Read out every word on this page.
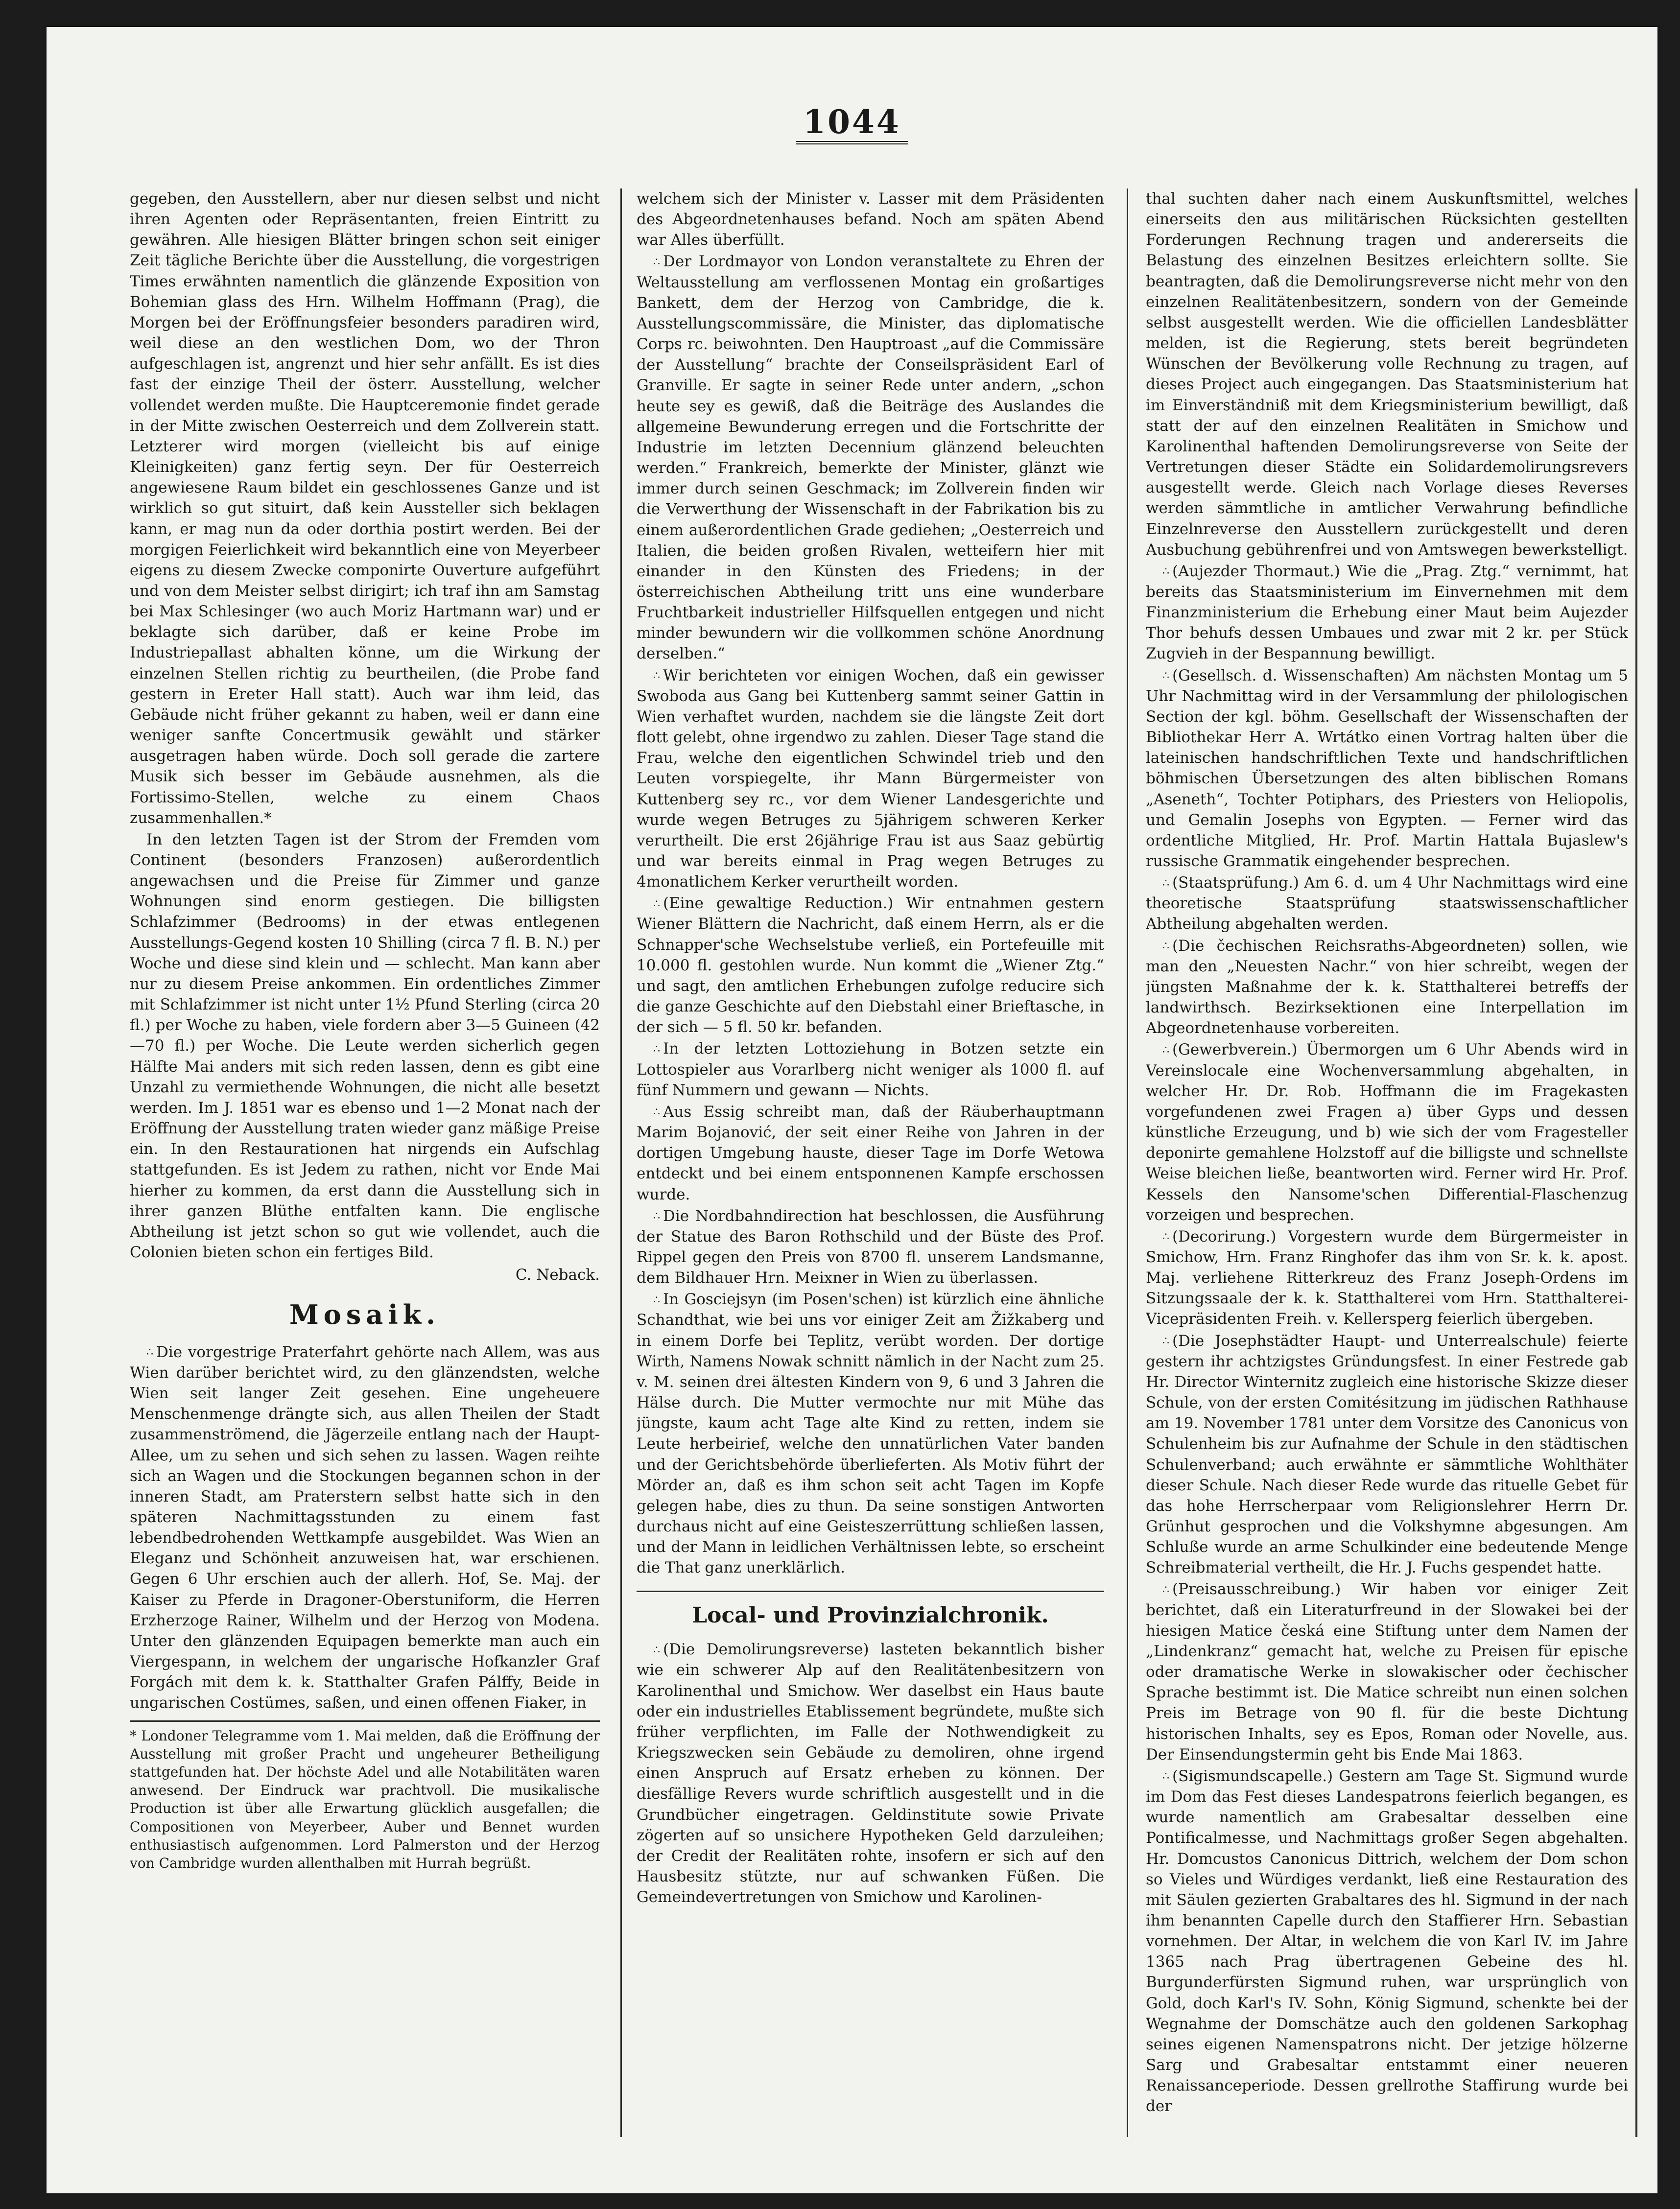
1044

gegeben, den Ausstellern, aber nur diesen selbst und nicht ihren Agenten oder Repräsentanten, freien Eintritt zu gewähren. Alle hiesigen Blätter bringen schon seit einiger Zeit tägliche Berichte über die Ausstellung, die vorgestrigen Times erwähnten namentlich die glänzende Exposition von Bohemian glass des Hrn. Wilhelm Hoffmann (Prag), die Morgen bei der Eröffnungsfeier besonders paradiren wird, weil diese an den westlichen Dom, wo der Thron aufgeschlagen ist, angrenzt und hier sehr anfällt. Es ist dies fast der einzige Theil der österr. Ausstellung, welcher vollendet werden mußte. Die Hauptceremonie findet gerade in der Mitte zwischen Oesterreich und dem Zollverein statt. Letzterer wird morgen (vielleicht bis auf einige Kleinigkeiten) ganz fertig seyn. Der für Oesterreich angewiesene Raum bildet ein geschlossenes Ganze und ist wirklich so gut situirt, daß kein Aussteller sich beklagen kann, er mag nun da oder dorthia postirt werden. Bei der morgigen Feierlichkeit wird bekanntlich eine von Meyerbeer eigens zu diesem Zwecke componirte Ouverture aufgeführt und von dem Meister selbst dirigirt; ich traf ihn am Samstag bei Max Schlesinger (wo auch Moriz Hartmann war) und er beklagte sich darüber, daß er keine Probe im Industriepallast abhalten könne, um die Wirkung der einzelnen Stellen richtig zu beurtheilen, (die Probe fand gestern in Ereter Hall statt). Auch war ihm leid, das Gebäude nicht früher gekannt zu haben, weil er dann eine weniger sanfte Concertmusik gewählt und stärker ausgetragen haben würde. Doch soll gerade die zartere Musik sich besser im Gebäude ausnehmen, als die Fortissimo-Stellen, welche zu einem Chaos zusammenhallen.*

In den letzten Tagen ist der Strom der Fremden vom Continent (besonders Franzosen) außerordentlich angewachsen und die Preise für Zimmer und ganze Wohnungen sind enorm gestiegen. Die billigsten Schlafzimmer (Bedrooms) in der etwas entlegenen Ausstellungs-Gegend kosten 10 Shilling (circa 7 fl. B. N.) per Woche und diese sind klein und — schlecht. Man kann aber nur zu diesem Preise ankommen. Ein ordentliches Zimmer mit Schlafzimmer ist nicht unter 1½ Pfund Sterling (circa 20 fl.) per Woche zu haben, viele fordern aber 3—5 Guineen (42—70 fl.) per Woche. Die Leute werden sicherlich gegen Hälfte Mai anders mit sich reden lassen, denn es gibt eine Unzahl zu vermiethende Wohnungen, die nicht alle besetzt werden. Im J. 1851 war es ebenso und 1—2 Monat nach der Eröffnung der Ausstellung traten wieder ganz mäßige Preise ein. In den Restaurationen hat nirgends ein Aufschlag stattgefunden. Es ist Jedem zu rathen, nicht vor Ende Mai hierher zu kommen, da erst dann die Ausstellung sich in ihrer ganzen Blüthe entfalten kann. Die englische Abtheilung ist jetzt schon so gut wie vollendet, auch die Colonien bieten schon ein fertiges Bild.

C. Neback.
Mosaik.

∴ Die vorgestrige Praterfahrt gehörte nach Allem, was aus Wien darüber berichtet wird, zu den glänzendsten, welche Wien seit langer Zeit gesehen. Eine ungeheuere Menschenmenge drängte sich, aus allen Theilen der Stadt zusammenströmend, die Jägerzeile entlang nach der Haupt-Allee, um zu sehen und sich sehen zu lassen. Wagen reihte sich an Wagen und die Stockungen begannen schon in der inneren Stadt, am Praterstern selbst hatte sich in den späteren Nachmittagsstunden zu einem fast lebendbedrohenden Wettkampfe ausgebildet. Was Wien an Eleganz und Schönheit anzuweisen hat, war erschienen. Gegen 6 Uhr erschien auch der allerh. Hof, Se. Maj. der Kaiser zu Pferde in Dragoner-Oberstuniform, die Herren Erzherzoge Rainer, Wilhelm und der Herzog von Modena. Unter den glänzenden Equipagen bemerkte man auch ein Viergespann, in welchem der ungarische Hofkanzler Graf Forgách mit dem k. k. Statthalter Grafen Pálffy, Beide in ungarischen Costümes, saßen, und einen offenen Fiaker, in

* Londoner Telegramme vom 1. Mai melden, daß die Eröffnung der Ausstellung mit großer Pracht und ungeheurer Betheiligung stattgefunden hat. Der höchste Adel und alle Notabilitäten waren anwesend. Der Eindruck war prachtvoll. Die musikalische Production ist über alle Erwartung glücklich ausgefallen; die Compositionen von Meyerbeer, Auber und Bennet wurden enthusiastisch aufgenommen. Lord Palmerston und der Herzog von Cambridge wurden allenthalben mit Hurrah begrüßt.

welchem sich der Minister v. Lasser mit dem Präsidenten des Abgeordnetenhauses befand. Noch am späten Abend war Alles überfüllt.

∴ Der Lordmayor von London veranstaltete zu Ehren der Weltausstellung am verflossenen Montag ein großartiges Bankett, dem der Herzog von Cambridge, die k. Ausstellungscommissäre, die Minister, das diplomatische Corps rc. beiwohnten. Den Hauptroast „auf die Commissäre der Ausstellung“ brachte der Conseilspräsident Earl of Granville. Er sagte in seiner Rede unter andern, „schon heute sey es gewiß, daß die Beiträge des Auslandes die allgemeine Bewunderung erregen und die Fortschritte der Industrie im letzten Decennium glänzend beleuchten werden.“ Frankreich, bemerkte der Minister, glänzt wie immer durch seinen Geschmack; im Zollverein finden wir die Verwerthung der Wissenschaft in der Fabrikation bis zu einem außerordentlichen Grade gediehen; „Oesterreich und Italien, die beiden großen Rivalen, wetteifern hier mit einander in den Künsten des Friedens; in der österreichischen Abtheilung tritt uns eine wunderbare Fruchtbarkeit industrieller Hilfsquellen entgegen und nicht minder bewundern wir die vollkommen schöne Anordnung derselben.“

∴ Wir berichteten vor einigen Wochen, daß ein gewisser Swoboda aus Gang bei Kuttenberg sammt seiner Gattin in Wien verhaftet wurden, nachdem sie die längste Zeit dort flott gelebt, ohne irgendwo zu zahlen. Dieser Tage stand die Frau, welche den eigentlichen Schwindel trieb und den Leuten vorspiegelte, ihr Mann Bürgermeister von Kuttenberg sey rc., vor dem Wiener Landesgerichte und wurde wegen Betruges zu 5jährigem schweren Kerker verurtheilt. Die erst 26jährige Frau ist aus Saaz gebürtig und war bereits einmal in Prag wegen Betruges zu 4monatlichem Kerker verurtheilt worden.

∴ (Eine gewaltige Reduction.) Wir entnahmen gestern Wiener Blättern die Nachricht, daß einem Herrn, als er die Schnapper'sche Wechselstube verließ, ein Portefeuille mit 10.000 fl. gestohlen wurde. Nun kommt die „Wiener Ztg.“ und sagt, den amtlichen Erhebungen zufolge reducire sich die ganze Geschichte auf den Diebstahl einer Brieftasche, in der sich — 5 fl. 50 kr. befanden.

∴ In der letzten Lottoziehung in Botzen setzte ein Lottospieler aus Vorarlberg nicht weniger als 1000 fl. auf fünf Nummern und gewann — Nichts.

∴ Aus Essig schreibt man, daß der Räuberhauptmann Marim Bojanović, der seit einer Reihe von Jahren in der dortigen Umgebung hauste, dieser Tage im Dorfe Wetowa entdeckt und bei einem entsponnenen Kampfe erschossen wurde.

∴ Die Nordbahndirection hat beschlossen, die Ausführung der Statue des Baron Rothschild und der Büste des Prof. Rippel gegen den Preis von 8700 fl. unserem Landsmanne, dem Bildhauer Hrn. Meixner in Wien zu überlassen.

∴ In Gosciejsyn (im Posen'schen) ist kürzlich eine ähnliche Schandthat, wie bei uns vor einiger Zeit am Žižkaberg und in einem Dorfe bei Teplitz, verübt worden. Der dortige Wirth, Namens Nowak schnitt nämlich in der Nacht zum 25. v. M. seinen drei ältesten Kindern von 9, 6 und 3 Jahren die Hälse durch. Die Mutter vermochte nur mit Mühe das jüngste, kaum acht Tage alte Kind zu retten, indem sie Leute herbeirief, welche den unnatürlichen Vater banden und der Gerichtsbehörde überlieferten. Als Motiv führt der Mörder an, daß es ihm schon seit acht Tagen im Kopfe gelegen habe, dies zu thun. Da seine sonstigen Antworten durchaus nicht auf eine Geisteszerrüttung schließen lassen, und der Mann in leidlichen Verhältnissen lebte, so erscheint die That ganz unerklärlich.

Local- und Provinzialchronik.

∴ (Die Demolirungsreverse) lasteten bekanntlich bisher wie ein schwerer Alp auf den Realitätenbesitzern von Karolinenthal und Smichow. Wer daselbst ein Haus baute oder ein industrielles Etablissement begründete, mußte sich früher verpflichten, im Falle der Nothwendigkeit zu Kriegszwecken sein Gebäude zu demoliren, ohne irgend einen Anspruch auf Ersatz erheben zu können. Der diesfällige Revers wurde schriftlich ausgestellt und in die Grundbücher eingetragen. Geldinstitute sowie Private zögerten auf so unsichere Hypotheken Geld darzuleihen; der Credit der Realitäten rohte, insofern er sich auf den Hausbesitz stützte, nur auf schwanken Füßen. Die Gemeindevertretungen von Smichow und Karolinen-

thal suchten daher nach einem Auskunftsmittel, welches einerseits den aus militärischen Rücksichten gestellten Forderungen Rechnung tragen und andererseits die Belastung des einzelnen Besitzes erleichtern sollte. Sie beantragten, daß die Demolirungsreverse nicht mehr von den einzelnen Realitätenbesitzern, sondern von der Gemeinde selbst ausgestellt werden. Wie die officiellen Landesblätter melden, ist die Regierung, stets bereit begründeten Wünschen der Bevölkerung volle Rechnung zu tragen, auf dieses Project auch eingegangen. Das Staatsministerium hat im Einverständniß mit dem Kriegsministerium bewilligt, daß statt der auf den einzelnen Realitäten in Smichow und Karolinenthal haftenden Demolirungsreverse von Seite der Vertretungen dieser Städte ein Solidardemolirungsrevers ausgestellt werde. Gleich nach Vorlage dieses Reverses werden sämmtliche in amtlicher Verwahrung befindliche Einzelnreverse den Ausstellern zurückgestellt und deren Ausbuchung gebührenfrei und von Amtswegen bewerkstelligt.

∴ (Aujezder Thormaut.) Wie die „Prag. Ztg.“ vernimmt, hat bereits das Staatsministerium im Einvernehmen mit dem Finanzministerium die Erhebung einer Maut beim Aujezder Thor behufs dessen Umbaues und zwar mit 2 kr. per Stück Zugvieh in der Bespannung bewilligt.

∴ (Gesellsch. d. Wissenschaften) Am nächsten Montag um 5 Uhr Nachmittag wird in der Versammlung der philologischen Section der kgl. böhm. Gesellschaft der Wissenschaften der Bibliothekar Herr A. Wrtátko einen Vortrag halten über die lateinischen handschriftlichen Texte und handschriftlichen böhmischen Übersetzungen des alten biblischen Romans „Aseneth“, Tochter Potiphars, des Priesters von Heliopolis, und Gemalin Josephs von Egypten. — Ferner wird das ordentliche Mitglied, Hr. Prof. Martin Hattala Bujaslew's russische Grammatik eingehender besprechen.

∴ (Staatsprüfung.) Am 6. d. um 4 Uhr Nachmittags wird eine theoretische Staatsprüfung staatswissenschaftlicher Abtheilung abgehalten werden.

∴ (Die čechischen Reichsraths-Abgeordneten) sollen, wie man den „Neuesten Nachr.“ von hier schreibt, wegen der jüngsten Maßnahme der k. k. Statthalterei betreffs der landwirthsch. Bezirksektionen eine Interpellation im Abgeordnetenhause vorbereiten.

∴ (Gewerbverein.) Übermorgen um 6 Uhr Abends wird in Vereinslocale eine Wochenversammlung abgehalten, in welcher Hr. Dr. Rob. Hoffmann die im Fragekasten vorgefundenen zwei Fragen a) über Gyps und dessen künstliche Erzeugung, und b) wie sich der vom Fragesteller deponirte gemahlene Holzstoff auf die billigste und schnellste Weise bleichen ließe, beantworten wird. Ferner wird Hr. Prof. Kessels den Nansome'schen Differential-Flaschenzug vorzeigen und besprechen.

∴ (Decorirung.) Vorgestern wurde dem Bürgermeister in Smichow, Hrn. Franz Ringhofer das ihm von Sr. k. k. apost. Maj. verliehene Ritterkreuz des Franz Joseph-Ordens im Sitzungssaale der k. k. Statthalterei vom Hrn. Statthalterei-Vicepräsidenten Freih. v. Kellersperg feierlich übergeben.

∴ (Die Josephstädter Haupt- und Unterrealschule) feierte gestern ihr achtzigstes Gründungsfest. In einer Festrede gab Hr. Director Winternitz zugleich eine historische Skizze dieser Schule, von der ersten Comitésitzung im jüdischen Rathhause am 19. November 1781 unter dem Vorsitze des Canonicus von Schulenheim bis zur Aufnahme der Schule in den städtischen Schulenverband; auch erwähnte er sämmtliche Wohlthäter dieser Schule. Nach dieser Rede wurde das rituelle Gebet für das hohe Herrscherpaar vom Religionslehrer Herrn Dr. Grünhut gesprochen und die Volkshymne abgesungen. Am Schluße wurde an arme Schulkinder eine bedeutende Menge Schreibmaterial vertheilt, die Hr. J. Fuchs gespendet hatte.

∴ (Preisausschreibung.) Wir haben vor einiger Zeit berichtet, daß ein Literaturfreund in der Slowakei bei der hiesigen Matice česká eine Stiftung unter dem Namen der „Lindenkranz“ gemacht hat, welche zu Preisen für epische oder dramatische Werke in slowakischer oder čechischer Sprache bestimmt ist. Die Matice schreibt nun einen solchen Preis im Betrage von 90 fl. für die beste Dichtung historischen Inhalts, sey es Epos, Roman oder Novelle, aus. Der Einsendungstermin geht bis Ende Mai 1863.

∴ (Sigismundscapelle.) Gestern am Tage St. Sigmund wurde im Dom das Fest dieses Landespatrons feierlich begangen, es wurde namentlich am Grabesaltar desselben eine Pontificalmesse, und Nachmittags großer Segen abgehalten. Hr. Domcustos Canonicus Dittrich, welchem der Dom schon so Vieles und Würdiges verdankt, ließ eine Restauration des mit Säulen gezierten Grabaltares des hl. Sigmund in der nach ihm benannten Capelle durch den Staffierer Hrn. Sebastian vornehmen. Der Altar, in welchem die von Karl IV. im Jahre 1365 nach Prag übertragenen Gebeine des hl. Burgunderfürsten Sigmund ruhen, war ursprünglich von Gold, doch Karl's IV. Sohn, König Sigmund, schenkte bei der Wegnahme der Domschätze auch den goldenen Sarkophag seines eigenen Namenspatrons nicht. Der jetzige hölzerne Sarg und Grabesaltar entstammt einer neueren Renaissanceperiode. Dessen grellrothe Staffirung wurde bei der
